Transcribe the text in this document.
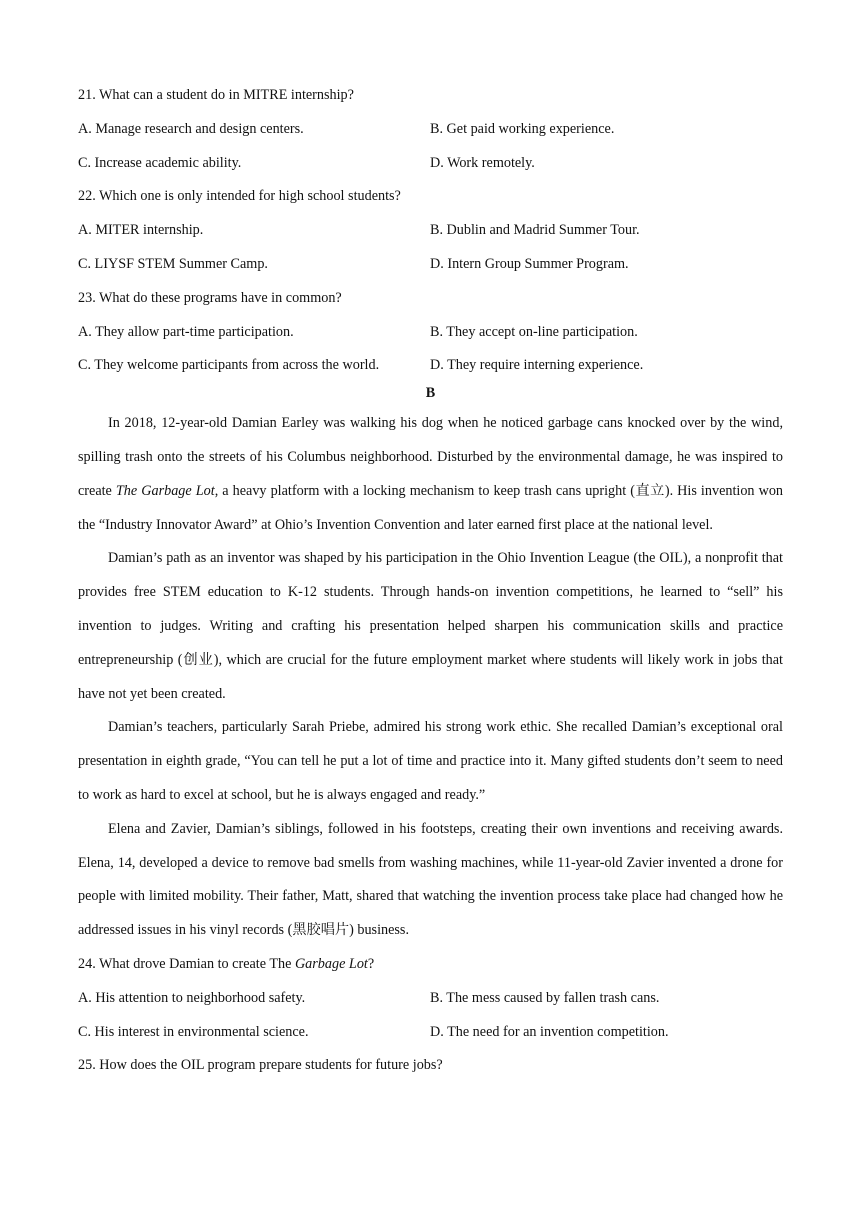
21. What can a student do in MITRE internship?
A. Manage research and design centers.	B. Get paid working experience.
C. Increase academic ability.	D. Work remotely.
22. Which one is only intended for high school students?
A. MITER internship.	B. Dublin and Madrid Summer Tour.
C. LIYSF STEM Summer Camp.	D. Intern Group Summer Program.
23. What do these programs have in common?
A. They allow part-time participation.	B. They accept on-line participation.
C. They welcome participants from across the world.	D. They require interning experience.
B

In 2018, 12-year-old Damian Earley was walking his dog when he noticed garbage cans knocked over by the wind, spilling trash onto the streets of his Columbus neighborhood. Disturbed by the environmental damage, he was inspired to create The Garbage Lot, a heavy platform with a locking mechanism to keep trash cans upright (直立). His invention won the “Industry Innovator Award” at Ohio’s Invention Convention and later earned first place at the national level.

Damian’s path as an inventor was shaped by his participation in the Ohio Invention League (the OIL), a nonprofit that provides free STEM education to K-12 students. Through hands-on invention competitions, he learned to “sell” his invention to judges. Writing and crafting his presentation helped sharpen his communication skills and practice entrepreneurship (创业), which are crucial for the future employment market where students will likely work in jobs that have not yet been created.

Damian’s teachers, particularly Sarah Priebe, admired his strong work ethic. She recalled Damian’s exceptional oral presentation in eighth grade, “You can tell he put a lot of time and practice into it. Many gifted students don’t seem to need to work as hard to excel at school, but he is always engaged and ready.”

Elena and Zavier, Damian’s siblings, followed in his footsteps, creating their own inventions and receiving awards. Elena, 14, developed a device to remove bad smells from washing machines, while 11-year-old Zavier invented a drone for people with limited mobility. Their father, Matt, shared that watching the invention process take place had changed how he addressed issues in his vinyl records (黑胶唱片) business.

24. What drove Damian to create The Garbage Lot?
A. His attention to neighborhood safety.	B. The mess caused by fallen trash cans.
C. His interest in environmental science.	D. The need for an invention competition.
25. How does the OIL program prepare students for future jobs?
